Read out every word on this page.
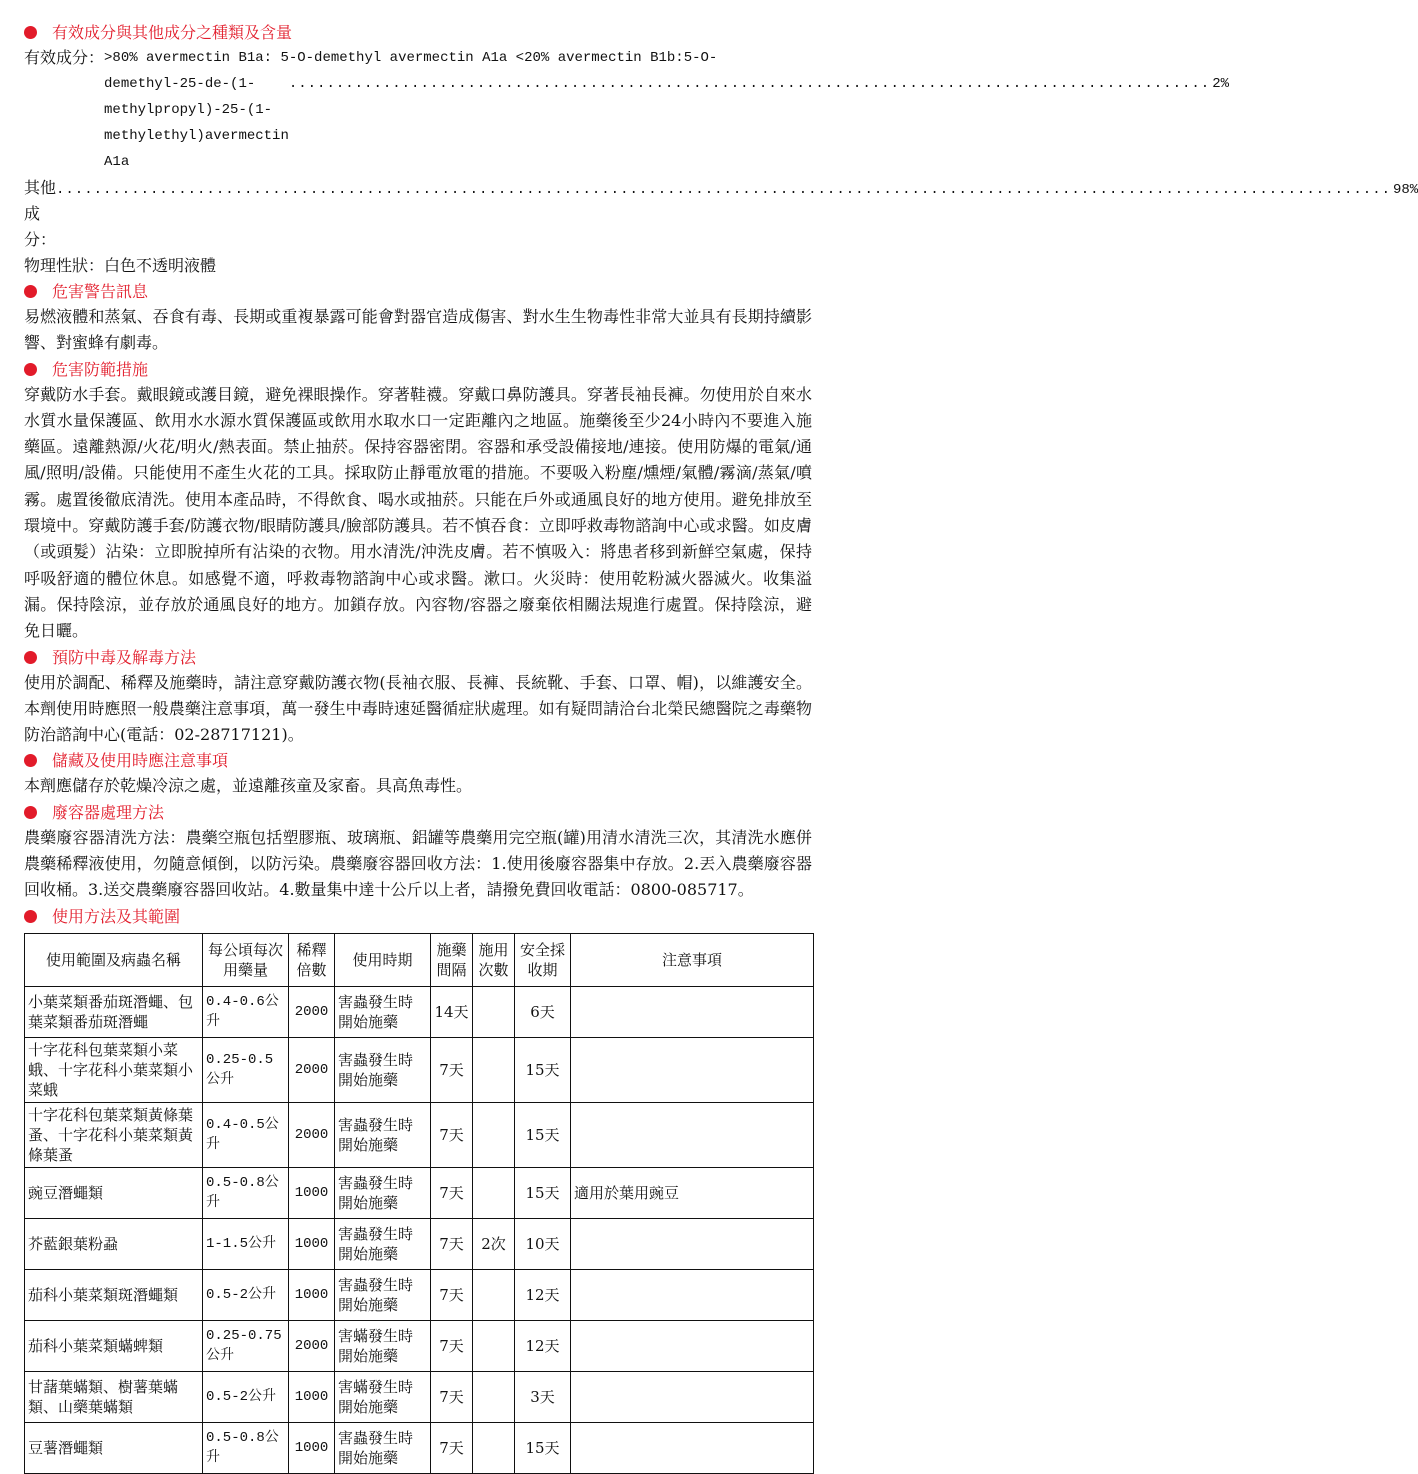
有效成分與其他成分之種類及含量
有效成分： >80% avermectin B1a: 5-O-demethyl avermectin A1a <20% avermectin B1b:5-O-
demethyl-25-de-(1-methylpropyl)-25-(1-methylethyl)avermectin A1a
.................................................................................................. 2%
其他成分：
.............................................................................................................................................. 98%
物理性狀：白色不透明液體
危害警告訊息

易燃液體和蒸氣、吞食有毒、長期或重複暴露可能會對器官造成傷害、對水生生物毒性非常大並具有長期持續影響、對蜜蜂有劇毒。

危害防範措施

穿戴防水手套。戴眼鏡或護目鏡，避免裸眼操作。穿著鞋襪。穿戴口鼻防護具。穿著長袖長褲。勿使用於自來水水質水量保護區、飲用水水源水質保護區或飲用水取水口一定距離內之地區。施藥後至少24小時內不要進入施藥區。遠離熱源/火花/明火/熱表面。禁止抽菸。保持容器密閉。容器和承受設備接地/連接。使用防爆的電氣/通風/照明/設備。只能使用不產生火花的工具。採取防止靜電放電的措施。不要吸入粉塵/燻煙/氣體/霧滴/蒸氣/噴霧。處置後徹底清洗。使用本產品時，不得飲食、喝水或抽菸。只能在戶外或通風良好的地方使用。避免排放至環境中。穿戴防護手套/防護衣物/眼睛防護具/臉部防護具。若不慎吞食：立即呼救毒物諮詢中心或求醫。如皮膚（或頭髮）沾染：立即脫掉所有沾染的衣物。用水清洗/沖洗皮膚。若不慎吸入：將患者移到新鮮空氣處，保持呼吸舒適的體位休息。如感覺不適，呼救毒物諮詢中心或求醫。漱口。火災時：使用乾粉滅火器滅火。收集溢漏。保持陰涼，並存放於通風良好的地方。加鎖存放。內容物/容器之廢棄依相關法規進行處置。保持陰涼，避免日曬。

預防中毒及解毒方法

使用於調配、稀釋及施藥時，請注意穿戴防護衣物(長袖衣服、長褲、長統靴、手套、口罩、帽)，以維護安全。本劑使用時應照一般農藥注意事項，萬一發生中毒時速延醫循症狀處理。如有疑問請洽台北榮民總醫院之毒藥物防治諮詢中心(電話：02-28717121)。

儲藏及使用時應注意事項

本劑應儲存於乾燥冷涼之處，並遠離孩童及家畜。具高魚毒性。

廢容器處理方法

農藥廢容器清洗方法：農藥空瓶包括塑膠瓶、玻璃瓶、鋁罐等農藥用完空瓶(罐)用清水清洗三次，其清洗水應併農藥稀釋液使用，勿隨意傾倒，以防污染。農藥廢容器回收方法：1.使用後廢容器集中存放。2.丟入農藥廢容器回收桶。3.送交農藥廢容器回收站。4.數量集中達十公斤以上者，請撥免費回收電話：0800-085717。

使用方法及其範圍
使用範圍及病蟲名稱	每公頃每次用藥量	稀釋倍數	使用時期	施藥間隔	施用次數	安全採收期	注意事項
小葉菜類番茄斑潛蠅、包葉菜類番茄斑潛蠅	0.4-0.6公升	2000	害蟲發生時開始施藥	14天		6天	
十字花科包葉菜類小菜蛾、十字花科小葉菜類小菜蛾	0.25-0.5公升	2000	害蟲發生時開始施藥	7天		15天	
十字花科包葉菜類黃條葉蚤、十字花科小葉菜類黃條葉蚤	0.4-0.5公升	2000	害蟲發生時開始施藥	7天		15天	
豌豆潛蠅類	0.5-0.8公升	1000	害蟲發生時開始施藥	7天		15天	適用於葉用豌豆
芥藍銀葉粉蝨	1-1.5公升	1000	害蟲發生時開始施藥	7天	2次	10天	
茄科小葉菜類斑潛蠅類	0.5-2公升	1000	害蟲發生時開始施藥	7天		12天	
茄科小葉菜類蟎蜱類	0.25-0.75公升	2000	害蟎發生時開始施藥	7天		12天	
甘藷葉蟎類、樹薯葉蟎類、山藥葉蟎類	0.5-2公升	1000	害蟎發生時開始施藥	7天		3天	
豆薯潛蠅類	0.5-0.8公升	1000	害蟲發生時開始施藥	7天		15天	
